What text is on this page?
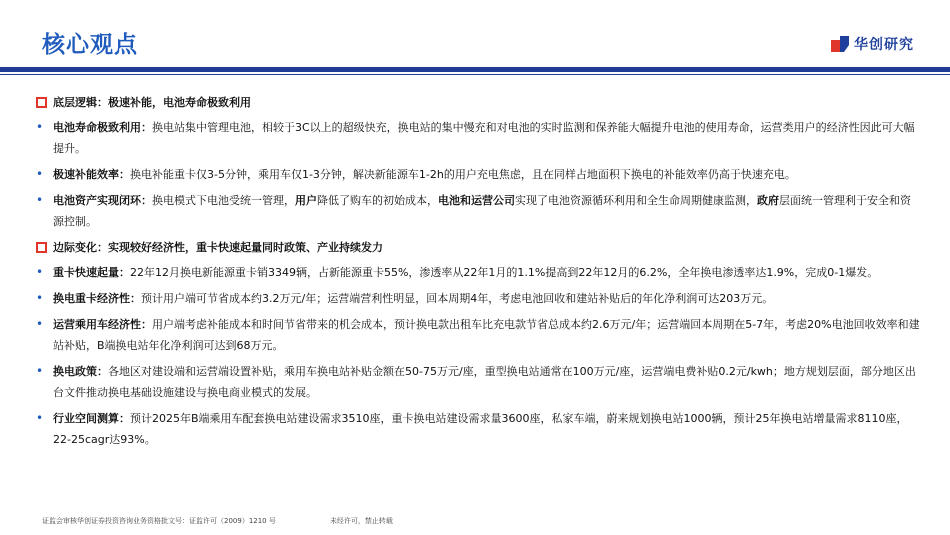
核心观点	华创研究

底层逻辑：极速补能，电池寿命极致利用

• 电池寿命极致利用：换电站集中管理电池，相较于3C以上的超级快充，换电站的集中慢充和对电池的实时监测和保养能大幅提升电池的使用寿命，运营类用户的经济性因此可大幅提升。

• 极速补能效率：换电补能重卡仅3-5分钟，乘用车仅1-3分钟，解决新能源车1-2h的用户充电焦虑，且在同样占地面积下换电的补能效率仍高于快速充电。

• 电池资产实现闭环：换电模式下电池受统一管理，用户降低了购车的初始成本，电池和运营公司实现了电池资源循环利用和全生命周期健康监测，政府层面统一管理利于安全和资源控制。

边际变化：实现较好经济性，重卡快速起量同时政策、产业持续发力

• 重卡快速起量：22年12月换电新能源重卡销3349辆，占新能源重卡55%，渗透率从22年1月的1.1%提高到22年12月的6.2%，全年换电渗透率达1.9%，完成0-1爆发。

• 换电重卡经济性：预计用户端可节省成本约3.2万元/年；运营端营利性明显，回本周期4年，考虑电池回收和建站补贴后的年化净利润可达203万元。

• 运营乘用车经济性：用户端考虑补能成本和时间节省带来的机会成本，预计换电款出租车比充电款节省总成本约2.6万元/年；运营端回本周期在5-7年，考虑20%电池回收效率和建站补贴，B端换电站年化净利润可达到68万元。

• 换电政策：各地区对建设端和运营端设置补贴，乘用车换电站补贴金额在50-75万元/座，重型换电站通常在100万元/座，运营端电费补贴0.2元/kwh；地方规划层面，部分地区出台文件推动换电基础设施建设与换电商业模式的发展。

• 行业空间测算：预计2025年B端乘用车配套换电站建设需求3510座，重卡换电站建设需求量3600座，私家车端，蔚来规划换电站1000辆，预计25年换电站增量需求8110座，22-25cagr达93%。

证监会审核华创证券投资咨询业务资格批文号：证监许可（2009）1210 号	未经许可，禁止转载
